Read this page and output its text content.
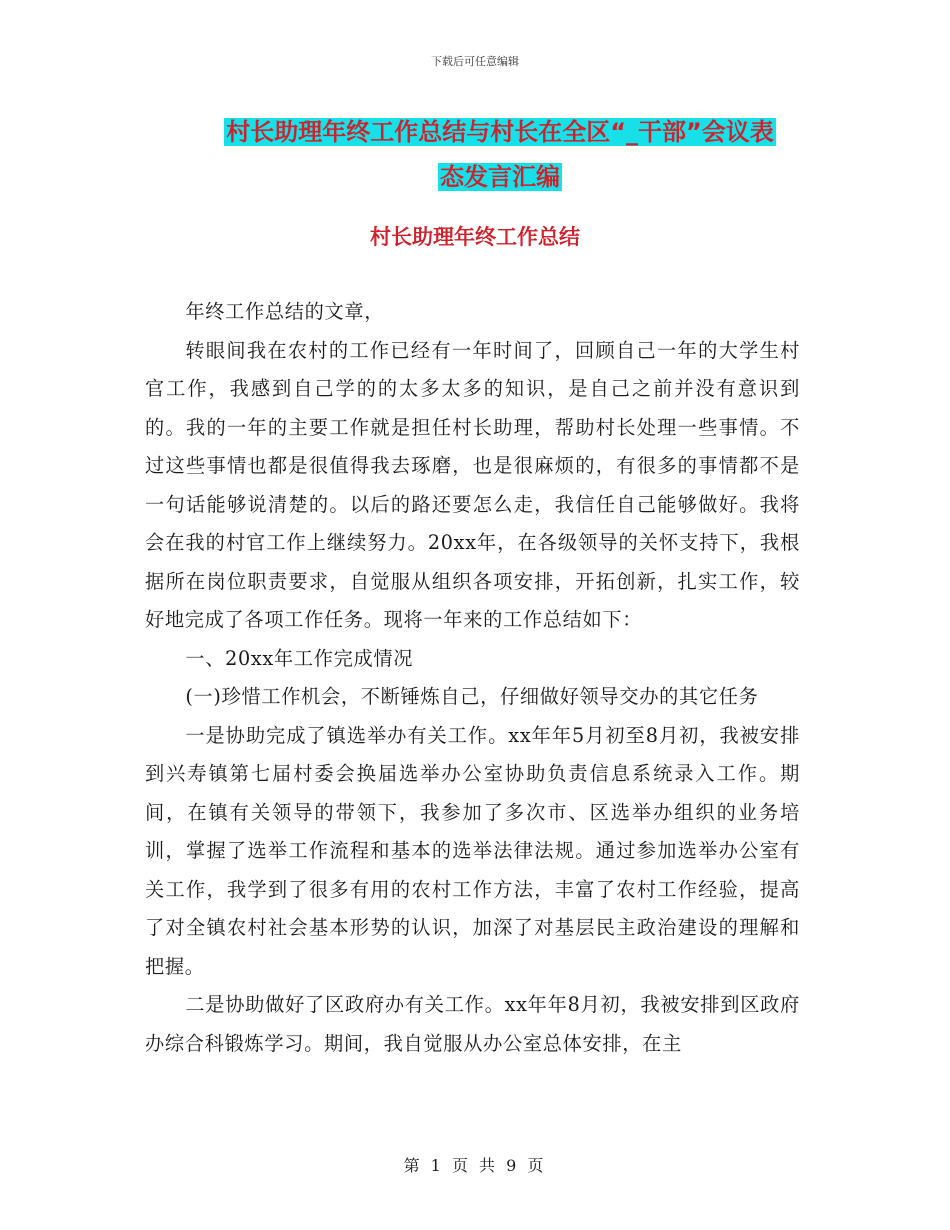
下载后可任意编辑
村长助理年终工作总结与村长在全区“_干部”会议表
态发言汇编
村长助理年终工作总结

年终工作总结的文章，

转眼间我在农村的工作已经有一年时间了，回顾自己一年的大学生村官工作，我感到自己学的的太多太多的知识，是自己之前并没有意识到的。我的一年的主要工作就是担任村长助理，帮助村长处理一些事情。不过这些事情也都是很值得我去琢磨，也是很麻烦的，有很多的事情都不是一句话能够说清楚的。以后的路还要怎么走，我信任自己能够做好。我将会在我的村官工作上继续努力。20xx年，在各级领导的关怀支持下，我根据所在岗位职责要求，自觉服从组织各项安排，开拓创新，扎实工作，较好地完成了各项工作任务。现将一年来的工作总结如下：

一、20xx年工作完成情况

(一)珍惜工作机会，不断锤炼自己，仔细做好领导交办的其它任务

一是协助完成了镇选举办有关工作。xx年年5月初至8月初，我被安排到兴寿镇第七届村委会换届选举办公室协助负责信息系统录入工作。期间，在镇有关领导的带领下，我参加了多次市、区选举办组织的业务培训，掌握了选举工作流程和基本的选举法律法规。通过参加选举办公室有关工作，我学到了很多有用的农村工作方法，丰富了农村工作经验，提高了对全镇农村社会基本形势的认识，加深了对基层民主政治建设的理解和把握。

二是协助做好了区政府办有关工作。xx年年8月初，我被安排到区政府办综合科锻炼学习。期间，我自觉服从办公室总体安排，在主

第 1 页 共 9 页
